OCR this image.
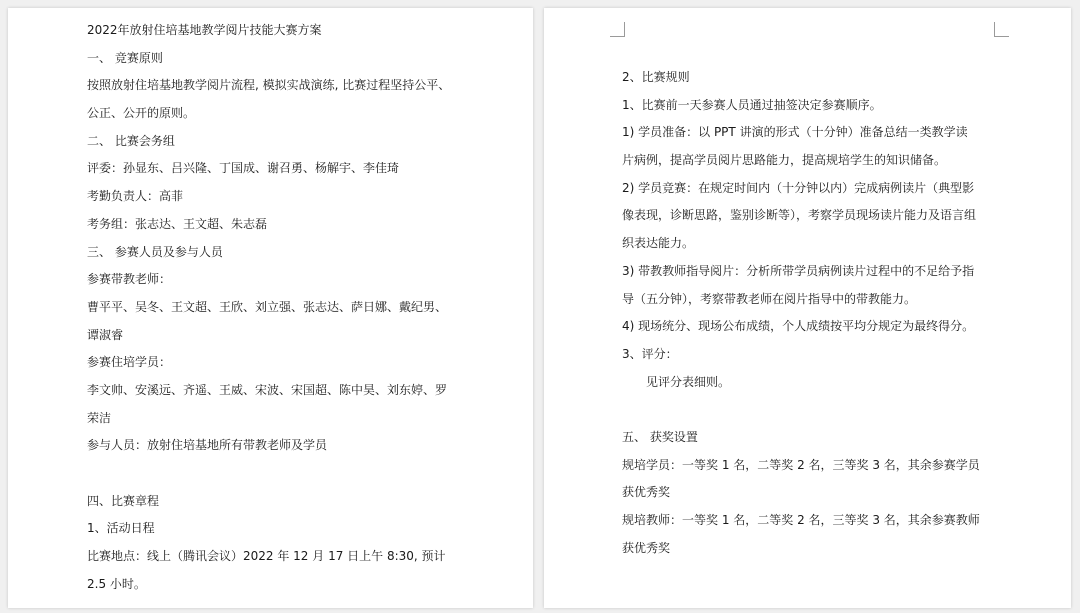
2022年放射住培基地教学阅片技能大赛方案
一、 竞赛原则
按照放射住培基地教学阅片流程, 模拟实战演练, 比赛过程坚持公平、
公正、公开的原则。
二、 比赛会务组
评委：孙显东、吕兴隆、丁国成、谢召勇、杨解宇、李佳琦
考勤负责人：高菲
考务组：张志达、王文超、朱志磊
三、 参赛人员及参与人员
参赛带教老师：
曹平平、吴冬、王文超、王欣、刘立强、张志达、萨日娜、戴纪男、
谭淑睿
参赛住培学员：
李文帅、安溪远、齐遥、王威、宋波、宋国超、陈中昊、刘东婷、罗
荣洁
参与人员：放射住培基地所有带教老师及学员
四、比赛章程
1、活动日程
比赛地点：线上（腾讯会议）2022 年 12 月 17 日上午 8:30, 预计
2.5 小时。
2、比赛规则
1、比赛前一天参赛人员通过抽签决定参赛顺序。
1) 学员准备：以 PPT 讲演的形式（十分钟）准备总结一类教学读
片病例，提高学员阅片思路能力，提高规培学生的知识储备。
2) 学员竞赛：在规定时间内（十分钟以内）完成病例读片（典型影
像表现，诊断思路，鉴别诊断等），考察学员现场读片能力及语言组
织表达能力。
3) 带教教师指导阅片：分析所带学员病例读片过程中的不足给予指
导（五分钟），考察带教老师在阅片指导中的带教能力。
4) 现场统分、现场公布成绩，个人成绩按平均分规定为最终得分。
3、评分：
见评分表细则。
五、 获奖设置
规培学员：一等奖 1 名，二等奖 2 名，三等奖 3 名，其余参赛学员
获优秀奖
规培教师：一等奖 1 名，二等奖 2 名，三等奖 3 名，其余参赛教师
获优秀奖
